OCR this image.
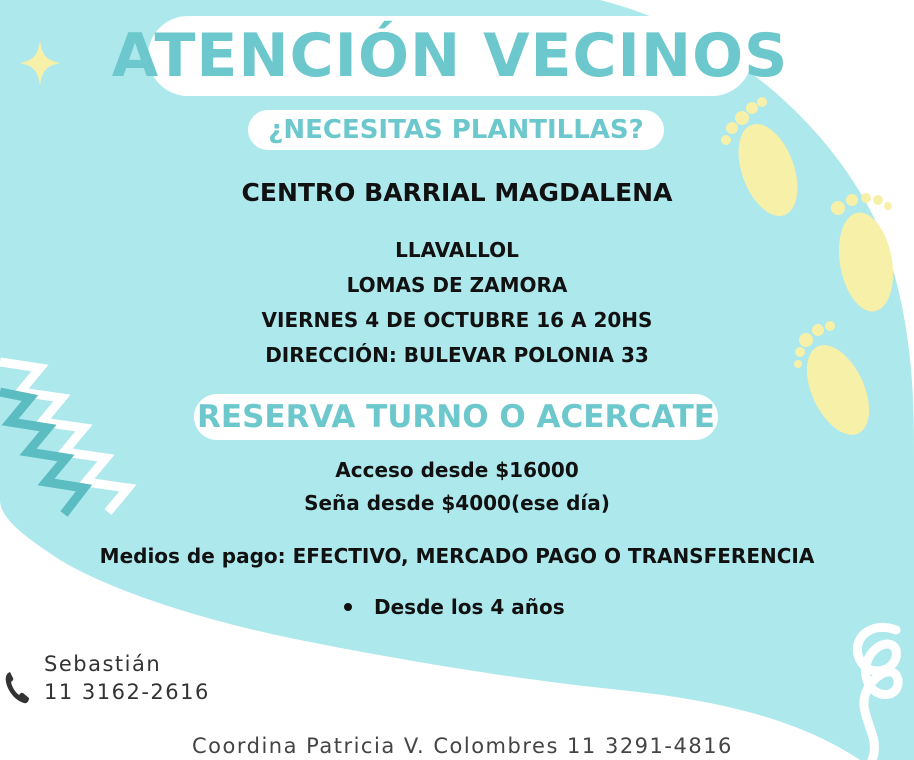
ATENCIÓN VECINOS
¿NECESITAS PLANTILLAS?
CENTRO BARRIAL MAGDALENA
LLAVALLOL
LOMAS DE ZAMORA
VIERNES 4 DE OCTUBRE 16 A 20HS
DIRECCIÓN: BULEVAR POLONIA 33
RESERVA TURNO O ACERCATE
Acceso desde $16000
Seña desde $4000(ese día)
Medios de pago: EFECTIVO, MERCADO PAGO O TRANSFERENCIA
Desde los 4 años
Sebastián
11 3162-2616
Coordina Patricia V. Colombres 11 3291-4816
